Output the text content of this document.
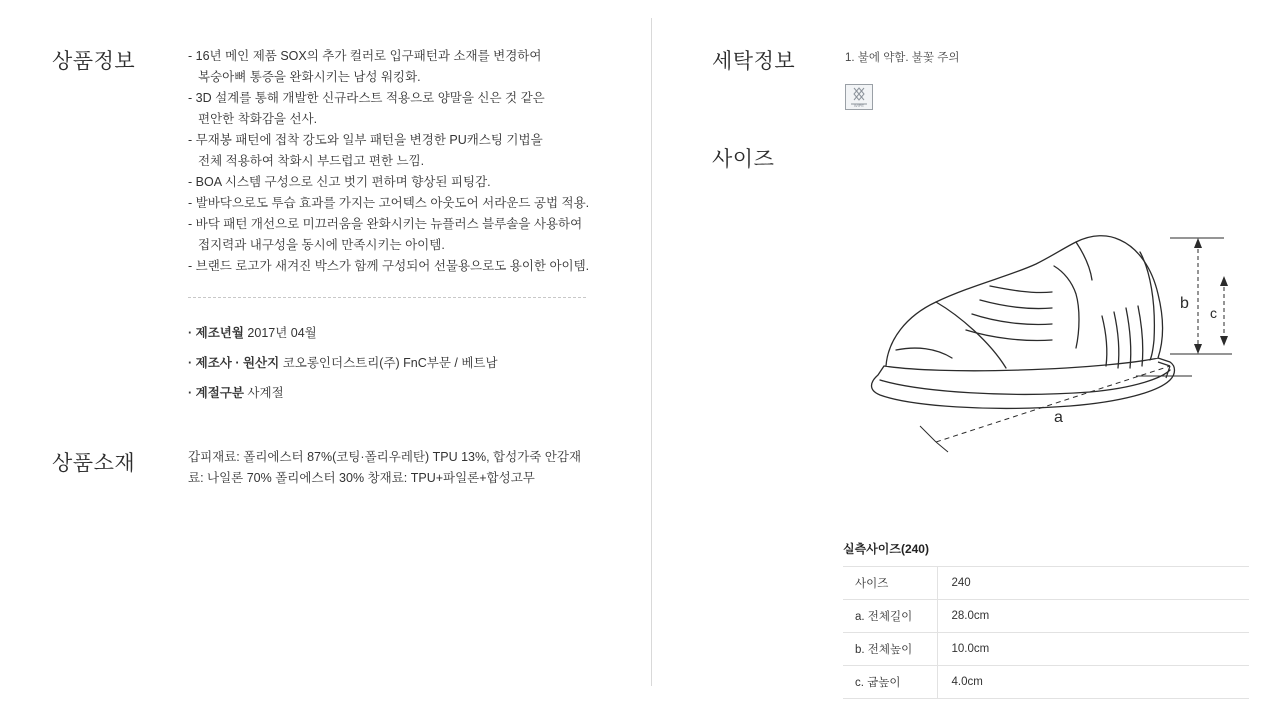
상품정보	- 16년 메인 제품 SOX의 추가 컬러로 입구패턴과 소재를 변경하여
복숭아뼈 통증을 완화시키는 남성 워킹화.
- 3D 설계를 통해 개발한 신규라스트 적용으로 양말을 신은 것 같은
편안한 착화감을 선사.
- 무재봉 패턴에 접착 강도와 일부 패턴을 변경한 PU캐스팅 기법을
전체 적용하여 착화시 부드럽고 편한 느낌.
- BOA 시스템 구성으로 신고 벗기 편하며 향상된 피팅감.
- 발바닥으로도 투습 효과를 가지는 고어텍스 아웃도어 서라운드 공법 적용.
- 바닥 패턴 개선으로 미끄러움을 완화시키는 뉴플러스 블루솔을 사용하여
접지력과 내구성을 동시에 만족시키는 아이템.
- 브랜드 로고가 새겨진 박스가 함께 구성되어 선물용으로도 용이한 아이템.
· 제조년월 2017년 04월
· 제조사 · 원산지 코오롱인더스트리(주) FnC부문 / 베트남
· 계절구분 사계절
상품소재	갑피재료: 폴리에스터 87%(코팅·폴리우레탄) TPU 13%, 합성가죽 안감재료: 나일론 70% 폴리에스터 30% 창재료: TPU+파일론+합성고무
세탁정보	1. 불에 약함. 불꽃 주의
WIPE
사이즈
b
c
a
실측사이즈(240)
사이즈	240
a. 전체길이	28.0cm
b. 전체높이	10.0cm
c. 굽높이	4.0cm
